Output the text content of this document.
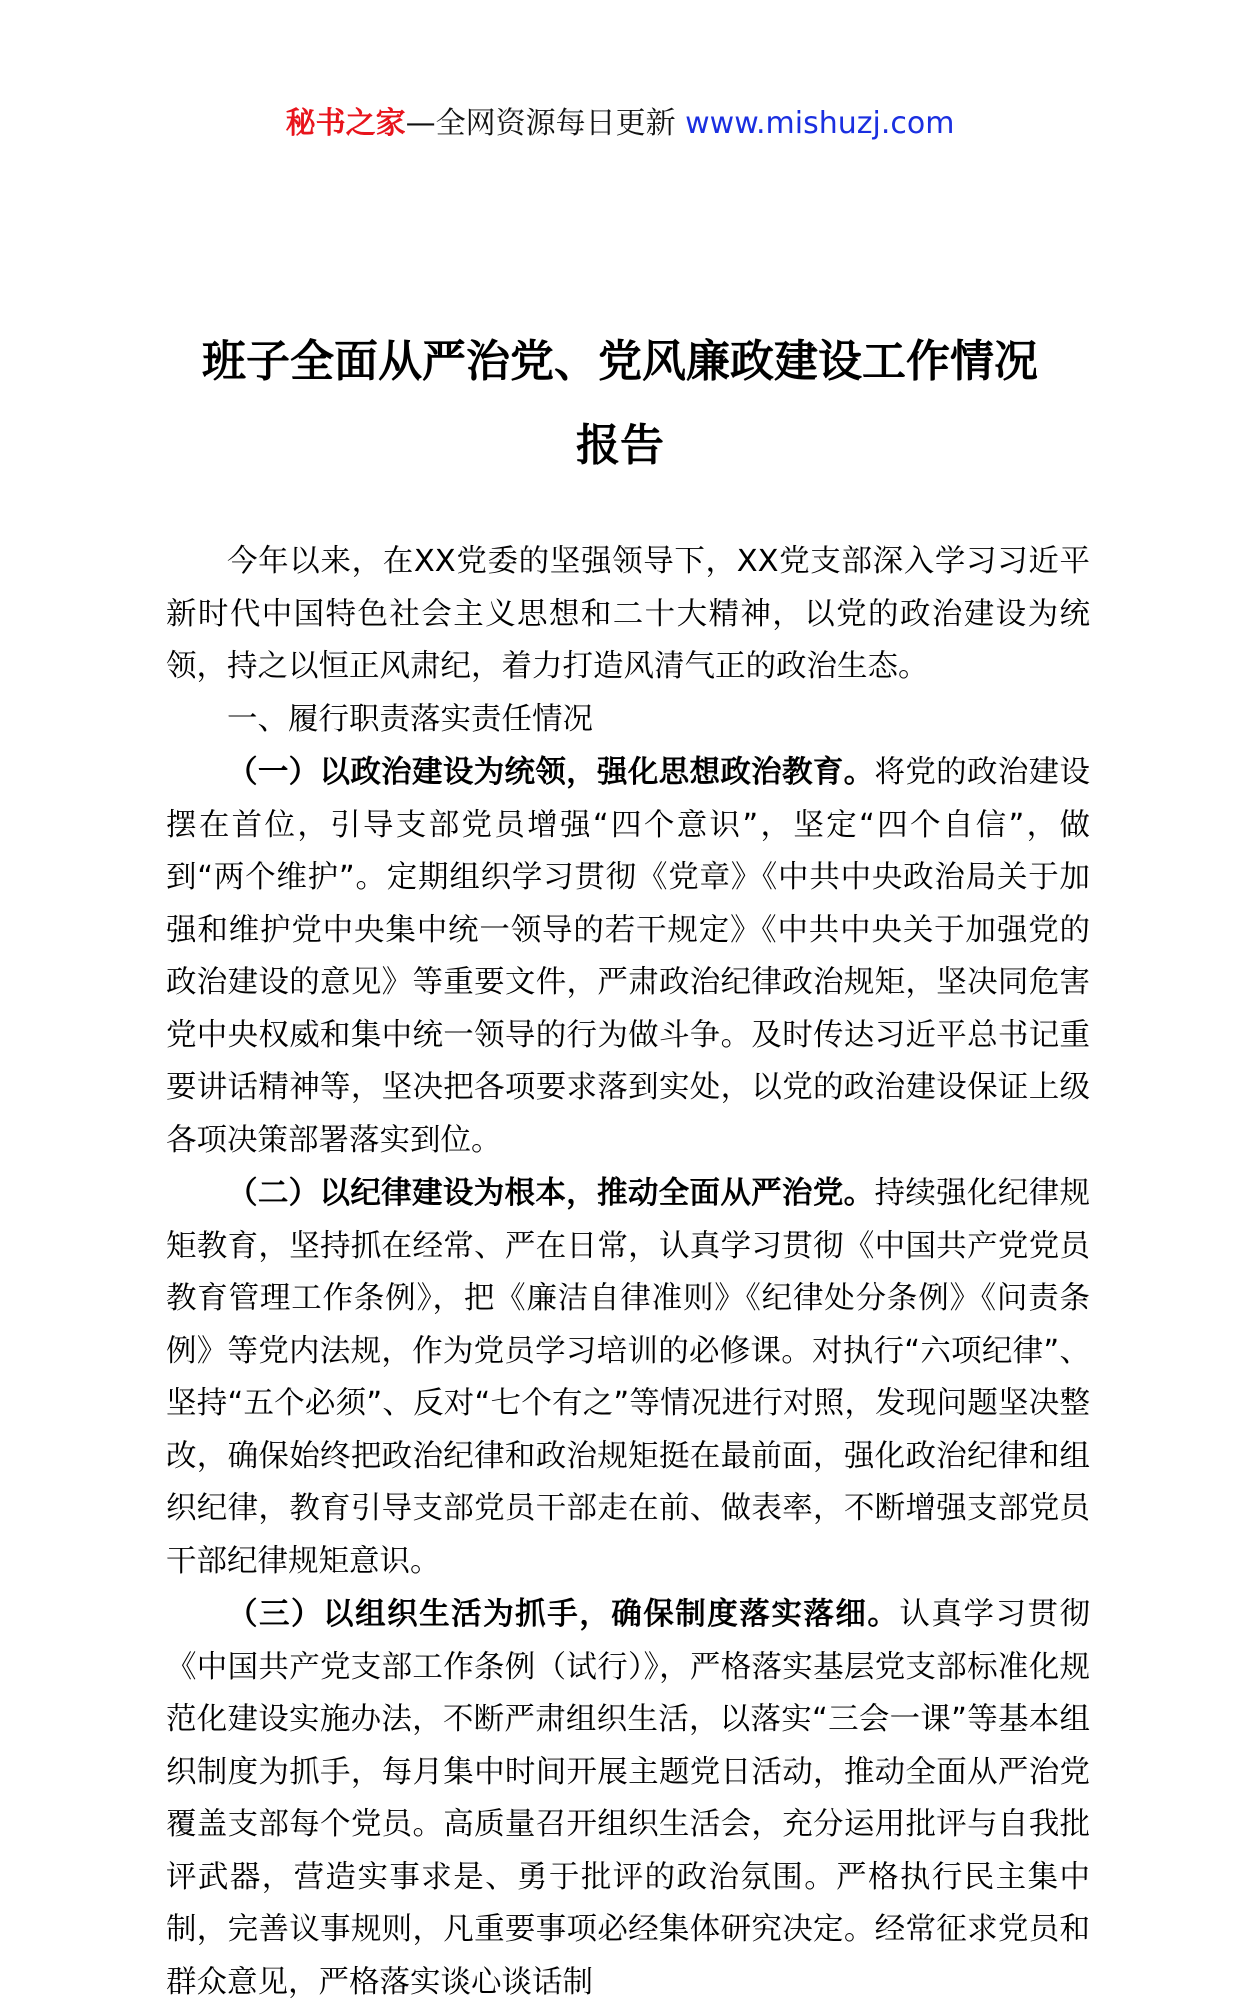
秘书之家—全网资源每日更新 www.mishuzj.com
班子全面从严治党、党风廉政建设工作情况
报告

今年以来，在XX党委的坚强领导下，XX党支部深入学习习近平新时代中国特色社会主义思想和二十大精神，以党的政治建设为统领，持之以恒正风肃纪，着力打造风清气正的政治生态。

一、履行职责落实责任情况

（一）以政治建设为统领，强化思想政治教育。将党的政治建设摆在首位，引导支部党员增强“四个意识”，坚定“四个自信”，做到“两个维护”。定期组织学习贯彻《党章》《中共中央政治局关于加强和维护党中央集中统一领导的若干规定》《中共中央关于加强党的政治建设的意见》等重要文件，严肃政治纪律政治规矩，坚决同危害党中央权威和集中统一领导的行为做斗争。及时传达习近平总书记重要讲话精神等，坚决把各项要求落到实处，以党的政治建设保证上级各项决策部署落实到位。

（二）以纪律建设为根本，推动全面从严治党。持续强化纪律规矩教育，坚持抓在经常、严在日常，认真学习贯彻《中国共产党党员教育管理工作条例》，把《廉洁自律准则》《纪律处分条例》《问责条例》等党内法规，作为党员学习培训的必修课。对执行“六项纪律”、坚持“五个必须”、反对“七个有之”等情况进行对照，发现问题坚决整改，确保始终把政治纪律和政治规矩挺在最前面，强化政治纪律和组织纪律，教育引导支部党员干部走在前、做表率，不断增强支部党员干部纪律规矩意识。

（三）以组织生活为抓手，确保制度落实落细。认真学习贯彻《中国共产党支部工作条例（试行）》，严格落实基层党支部标准化规范化建设实施办法，不断严肃组织生活，以落实“三会一课”等基本组织制度为抓手，每月集中时间开展主题党日活动，推动全面从严治党覆盖支部每个党员。高质量召开组织生活会，充分运用批评与自我批评武器，营造实事求是、勇于批评的政治氛围。严格执行民主集中制，完善议事规则，凡重要事项必经集体研究决定。经常征求党员和群众意见，严格落实谈心谈话制
